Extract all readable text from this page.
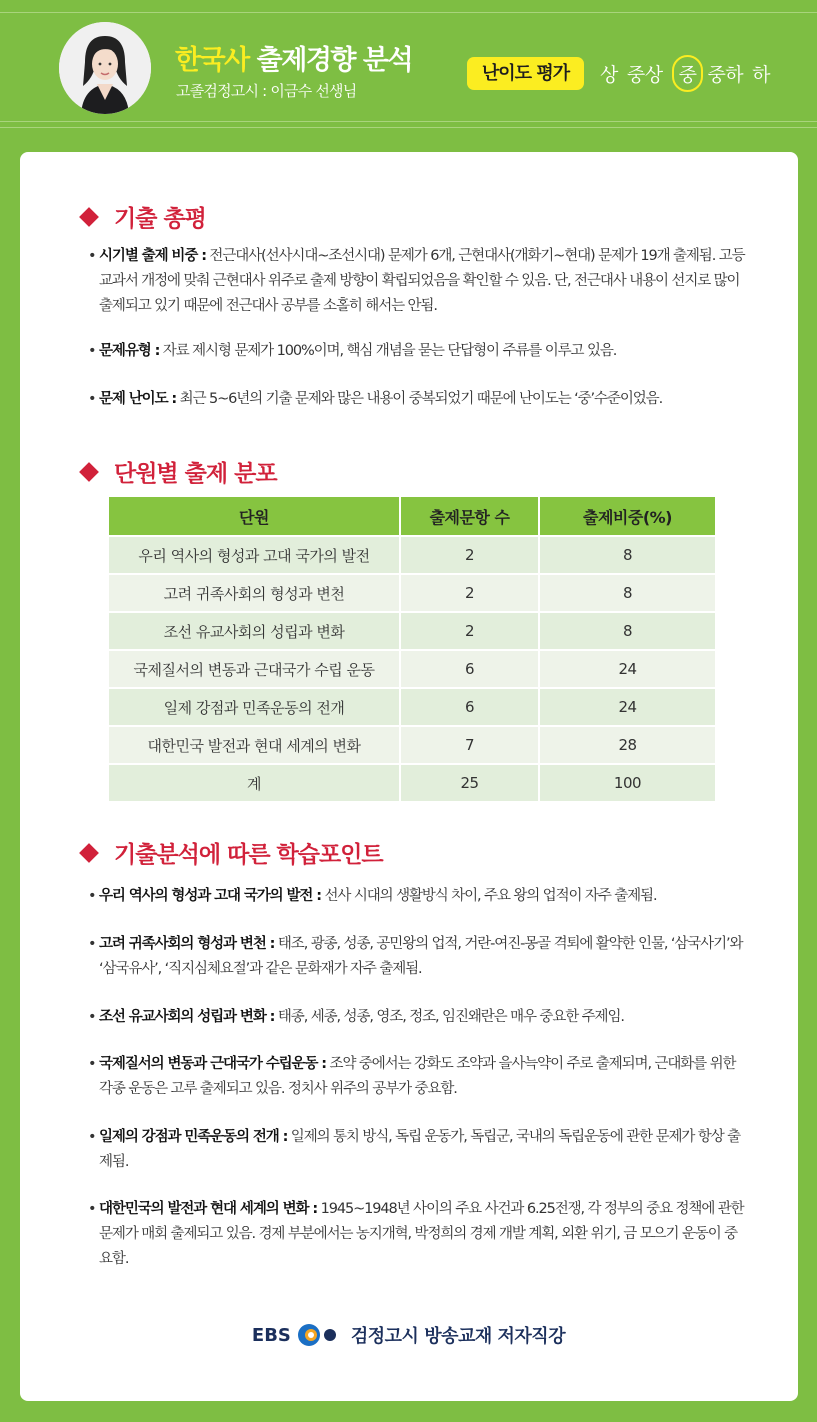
한국사 출제경향 분석
고졸검정고시 : 이금수 선생님
난이도 평가	상 중상 중 중하 하
기출 총평
• 시기별 출제 비중 : 전근대사(선사시대~조선시대) 문제가 6개, 근현대사(개화기~현대) 문제가 19개 출제됨. 고등 교과서 개정에 맞춰 근현대사 위주로 출제 방향이 확립되었음을 확인할 수 있음. 단, 전근대사 내용이 선지로 많이 출제되고 있기 때문에 전근대사 공부를 소홀히 해서는 안됨.
• 문제유형 : 자료 제시형 문제가 100%이며, 핵심 개념을 묻는 단답형이 주류를 이루고 있음.
• 문제 난이도 : 최근 5~6년의 기출 문제와 많은 내용이 중복되었기 때문에 난이도는 ‘중’수준이었음.
단원별 출제 분포
단원	출제문항 수	출제비중(%)
우리 역사의 형성과 고대 국가의 발전	2	8
고려 귀족사회의 형성과 변천	2	8
조선 유교사회의 성립과 변화	2	8
국제질서의 변동과 근대국가 수립 운동	6	24
일제 강점과 민족운동의 전개	6	24
대한민국 발전과 현대 세계의 변화	7	28
계	25	100
기출분석에 따른 학습포인트
• 우리 역사의 형성과 고대 국가의 발전 : 선사 시대의 생활방식 차이, 주요 왕의 업적이 자주 출제됨.
• 고려 귀족사회의 형성과 변천 : 태조, 광종, 성종, 공민왕의 업적, 거란-여진-몽골 격퇴에 활약한 인물, ‘삼국사기’와 ‘삼국유사’, ‘직지심체요절’과 같은 문화재가 자주 출제됨.
• 조선 유교사회의 성립과 변화 : 태종, 세종, 성종, 영조, 정조, 임진왜란은 매우 중요한 주제임.
• 국제질서의 변동과 근대국가 수립운동 : 조약 중에서는 강화도 조약과 을사늑약이 주로 출제되며, 근대화를 위한 각종 운동은 고루 출제되고 있음. 정치사 위주의 공부가 중요함.
• 일제의 강점과 민족운동의 전개 : 일제의 통치 방식, 독립 운동가, 독립군, 국내의 독립운동에 관한 문제가 항상 출제됨.
• 대한민국의 발전과 현대 세계의 변화 : 1945~1948년 사이의 주요 사건과 6.25전쟁, 각 정부의 중요 정책에 관한 문제가 매회 출제되고 있음. 경제 부분에서는 농지개혁, 박정희의 경제 개발 계획, 외환 위기, 금 모으기 운동이 중요함.
EBS	검정고시 방송교재 저자직강
